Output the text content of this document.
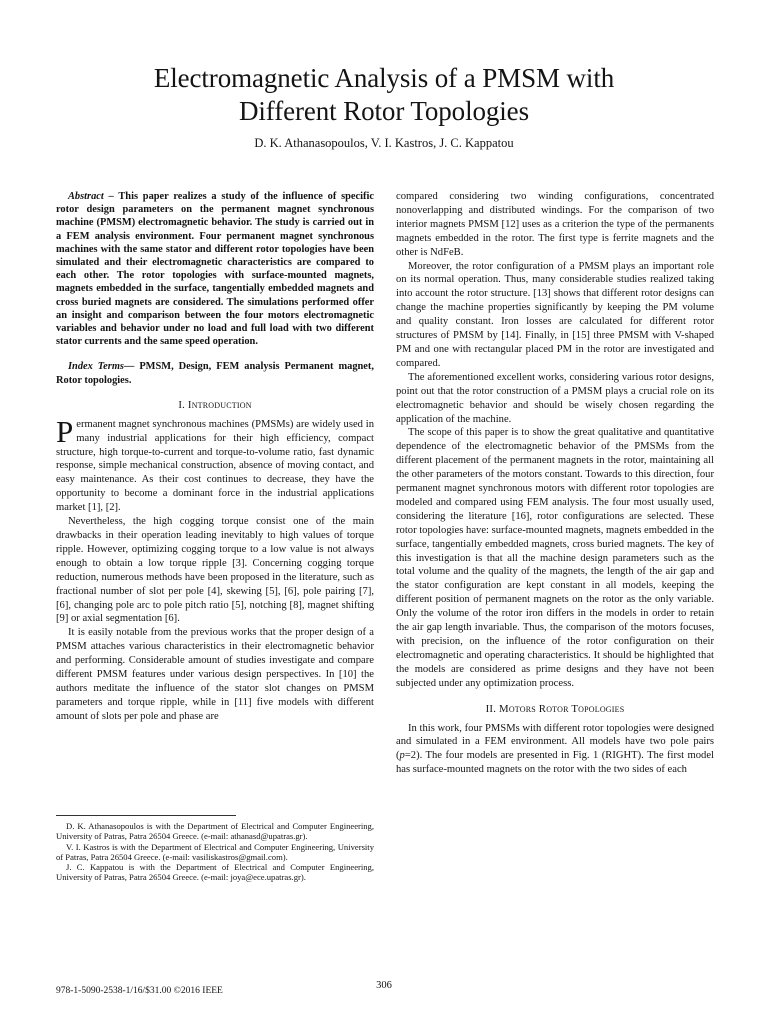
Electromagnetic Analysis of a PMSM with
Different Rotor Topologies
D. K. Athanasopoulos, V. I. Kastros, J. C. Kappatou

Abstract – This paper realizes a study of the influence of specific rotor design parameters on the permanent magnet synchronous machine (PMSM) electromagnetic behavior. The study is carried out in a FEM analysis environment. Four permanent magnet synchronous machines with the same stator and different rotor topologies have been simulated and their electromagnetic characteristics are compared to each other. The rotor topologies with surface-mounted magnets, magnets embedded in the surface, tangentially embedded magnets and cross buried magnets are considered. The simulations performed offer an insight and comparison between the four motors electromagnetic variables and behavior under no load and full load with two different stator currents and the same speed operation.

Index Terms— PMSM, Design, FEM analysis Permanent magnet, Rotor topologies.

I. Introduction

Permanent magnet synchronous machines (PMSMs) are widely used in many industrial applications for their high efficiency, compact structure, high torque-to-current and torque-to-volume ratio, fast dynamic response, simple mechanical construction, absence of moving contact, and easy maintenance. As their cost continues to decrease, they have the opportunity to become a dominant force in the industrial applications market [1], [2].

Nevertheless, the high cogging torque consist one of the main drawbacks in their operation leading inevitably to high values of torque ripple. However, optimizing cogging torque to a low value is not always enough to obtain a low torque ripple [3]. Concerning cogging torque reduction, numerous methods have been proposed in the literature, such as fractional number of slot per pole [4], skewing [5], [6], pole pairing [7], [6], changing pole arc to pole pitch ratio [5], notching [8], magnet shifting [9] or axial segmentation [6].

It is easily notable from the previous works that the proper design of a PMSM attaches various characteristics in their electromagnetic behavior and performing. Considerable amount of studies investigate and compare different PMSM features under various design perspectives. In [10] the authors meditate the influence of the stator slot changes on PMSM parameters and torque ripple, while in [11] five models with different amount of slots per pole and phase are

compared considering two winding configurations, concentrated nonoverlapping and distributed windings. For the comparison of two interior magnets PMSM [12] uses as a criterion the type of the permanents magnets embedded in the rotor. The first type is ferrite magnets and the other is NdFeB.

Moreover, the rotor configuration of a PMSM plays an important role on its normal operation. Thus, many considerable studies realized taking into account the rotor structure. [13] shows that different rotor designs can change the machine properties significantly by keeping the PM volume and quality constant. Iron losses are calculated for different rotor structures of PMSM by [14]. Finally, in [15] three PMSM with V-shaped PM and one with rectangular placed PM in the rotor are investigated and compared.

The aforementioned excellent works, considering various rotor designs, point out that the rotor construction of a PMSM plays a crucial role on its electromagnetic behavior and should be wisely chosen regarding the application of the machine.

The scope of this paper is to show the great qualitative and quantitative dependence of the electromagnetic behavior of the PMSMs from the different placement of the permanent magnets in the rotor, maintaining all the other parameters of the motors constant. Towards to this direction, four permanent magnet synchronous motors with different rotor topologies are modeled and compared using FEM analysis. The four most usually used, considering the literature [16], rotor configurations are selected. These rotor topologies have: surface-mounted magnets, magnets embedded in the surface, tangentially embedded magnets, cross buried magnets. The key of this investigation is that all the machine design parameters such as the total volume and the quality of the magnets, the length of the air gap and the stator configuration are kept constant in all models, keeping the different position of permanent magnets on the rotor as the only variable. Only the volume of the rotor iron differs in the models in order to retain the air gap length invariable. Thus, the comparison of the motors focuses, with precision, on the influence of the rotor configuration on their electromagnetic and operating characteristics. It should be highlighted that the models are considered as prime designs and they have not been subjected under any optimization process.

II. Motors Rotor Topologies

In this work, four PMSMs with different rotor topologies were designed and simulated in a FEM environment. All models have two pole pairs (p=2). The four models are presented in Fig. 1 (RIGHT). The first model has surface-mounted magnets on the rotor with the two sides of each

D. K. Athanasopoulos is with the Department of Electrical and Computer Engineering, University of Patras, Patra 26504 Greece. (e-mail: athanasd@upatras.gr).

V. I. Kastros is with the Department of Electrical and Computer Engineering, University of Patras, Patra 26504 Greece. (e-mail: vasiliskastros@gmail.com).

J. C. Kappatou is with the Department of Electrical and Computer Engineering, University of Patras, Patra 26504 Greece. (e-mail: joya@ece.upatras.gr).

978-1-5090-2538-1/16/$31.00 ©2016 IEEE	306
